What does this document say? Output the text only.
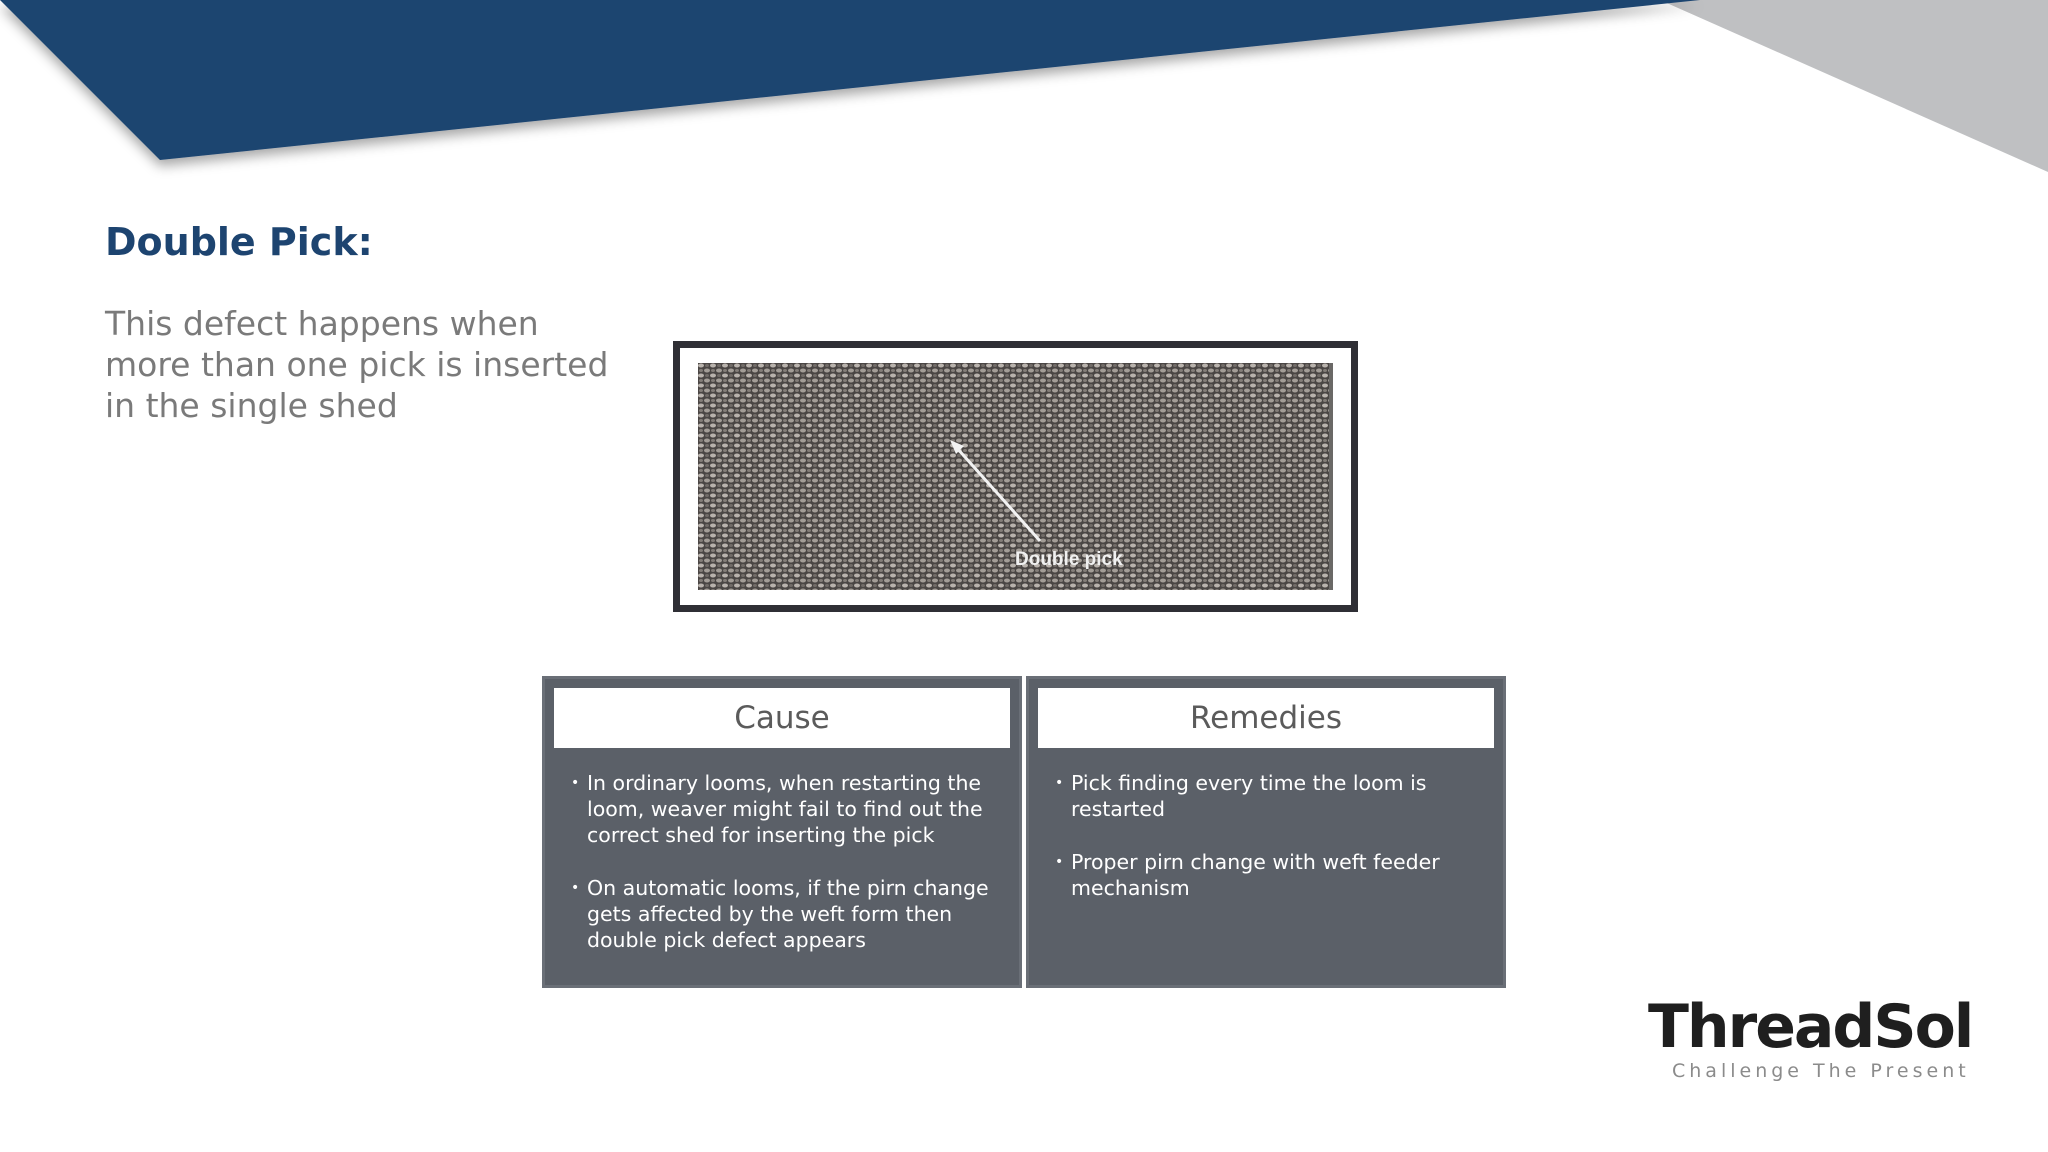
Double Pick:

This defect happens when more than one pick is inserted in the single shed

Double pick
Cause
• In ordinary looms, when restarting the loom, weaver might fail to find out the correct shed for inserting the pick
• On automatic looms, if the pirn change gets affected by the weft form then double pick defect appears
Remedies
• Pick finding every time the loom is restarted
• Proper pirn change with weft feeder mechanism
ThreadSol
Challenge The Present
